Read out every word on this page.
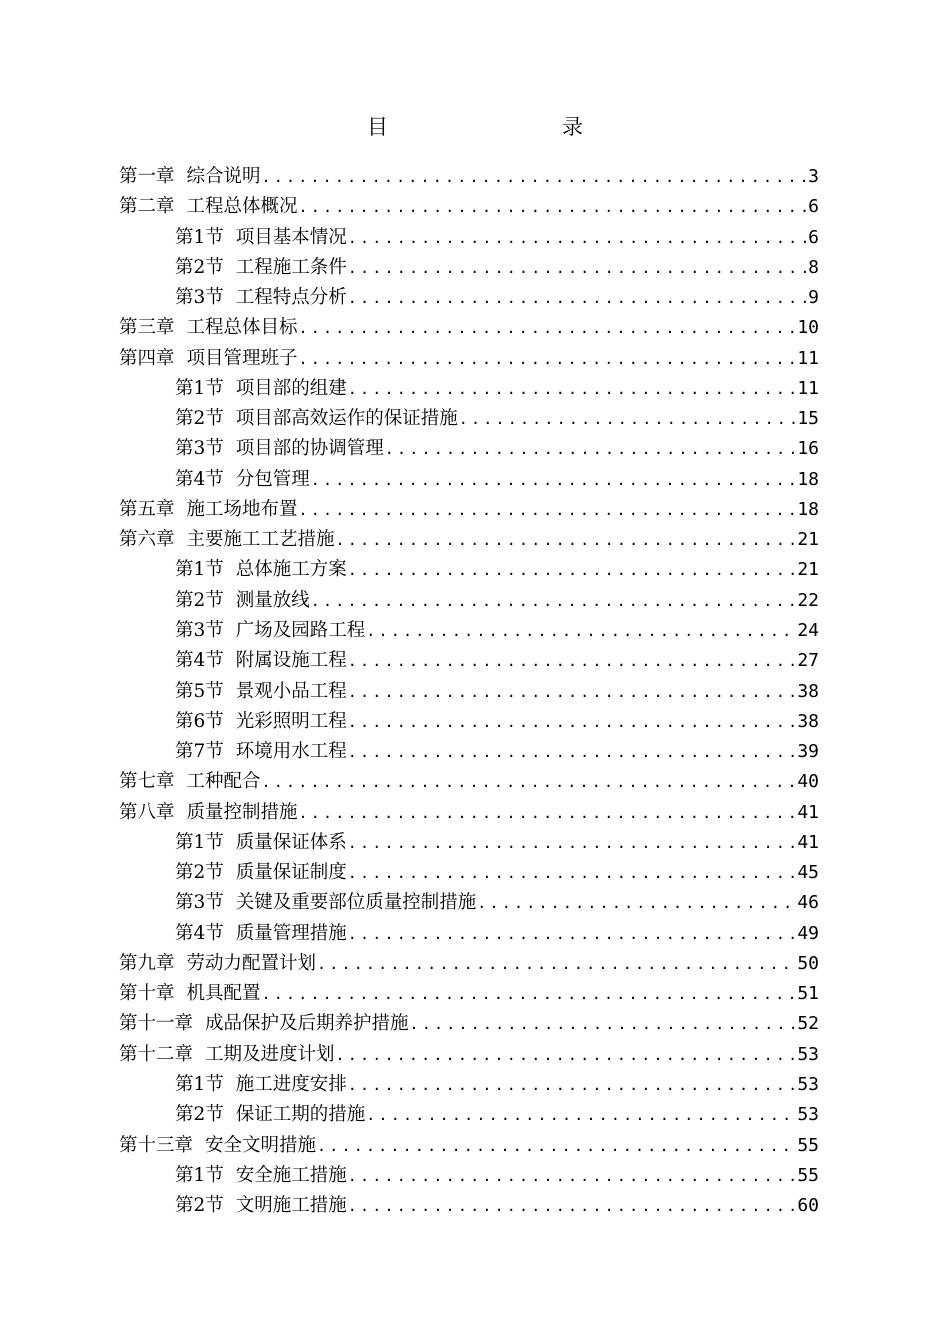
目　　录
第一章 综合说明 .....	3
第二章 工程总体概况 .....	6
第1节 项目基本情况 .....	6
第2节 工程施工条件 .....	8
第3节 工程特点分析 .....	9
第三章 工程总体目标 .....	10
第四章 项目管理班子 .....	11
第1节 项目部的组建 .....	11
第2节 项目部高效运作的保证措施 .....	15
第3节 项目部的协调管理 .....	16
第4节 分包管理 .....	18
第五章 施工场地布置 .....	18
第六章 主要施工工艺措施 .....	21
第1节 总体施工方案 .....	21
第2节 测量放线 .....	22
第3节 广场及园路工程 .....	24
第4节 附属设施工程 .....	27
第5节 景观小品工程 .....	38
第6节 光彩照明工程 .....	38
第7节 环境用水工程 .....	39
第七章 工种配合 .....	40
第八章 质量控制措施 .....	41
第1节 质量保证体系 .....	41
第2节 质量保证制度 .....	45
第3节 关键及重要部位质量控制措施 .....	46
第4节 质量管理措施 .....	49
第九章 劳动力配置计划 .....	50
第十章 机具配置 .....	51
第十一章 成品保护及后期养护措施 .....	52
第十二章 工期及进度计划 .....	53
第1节 施工进度安排 .....	53
第2节 保证工期的措施 .....	53
第十三章 安全文明措施 .....	55
第1节 安全施工措施 .....	55
第2节 文明施工措施 .....	60
